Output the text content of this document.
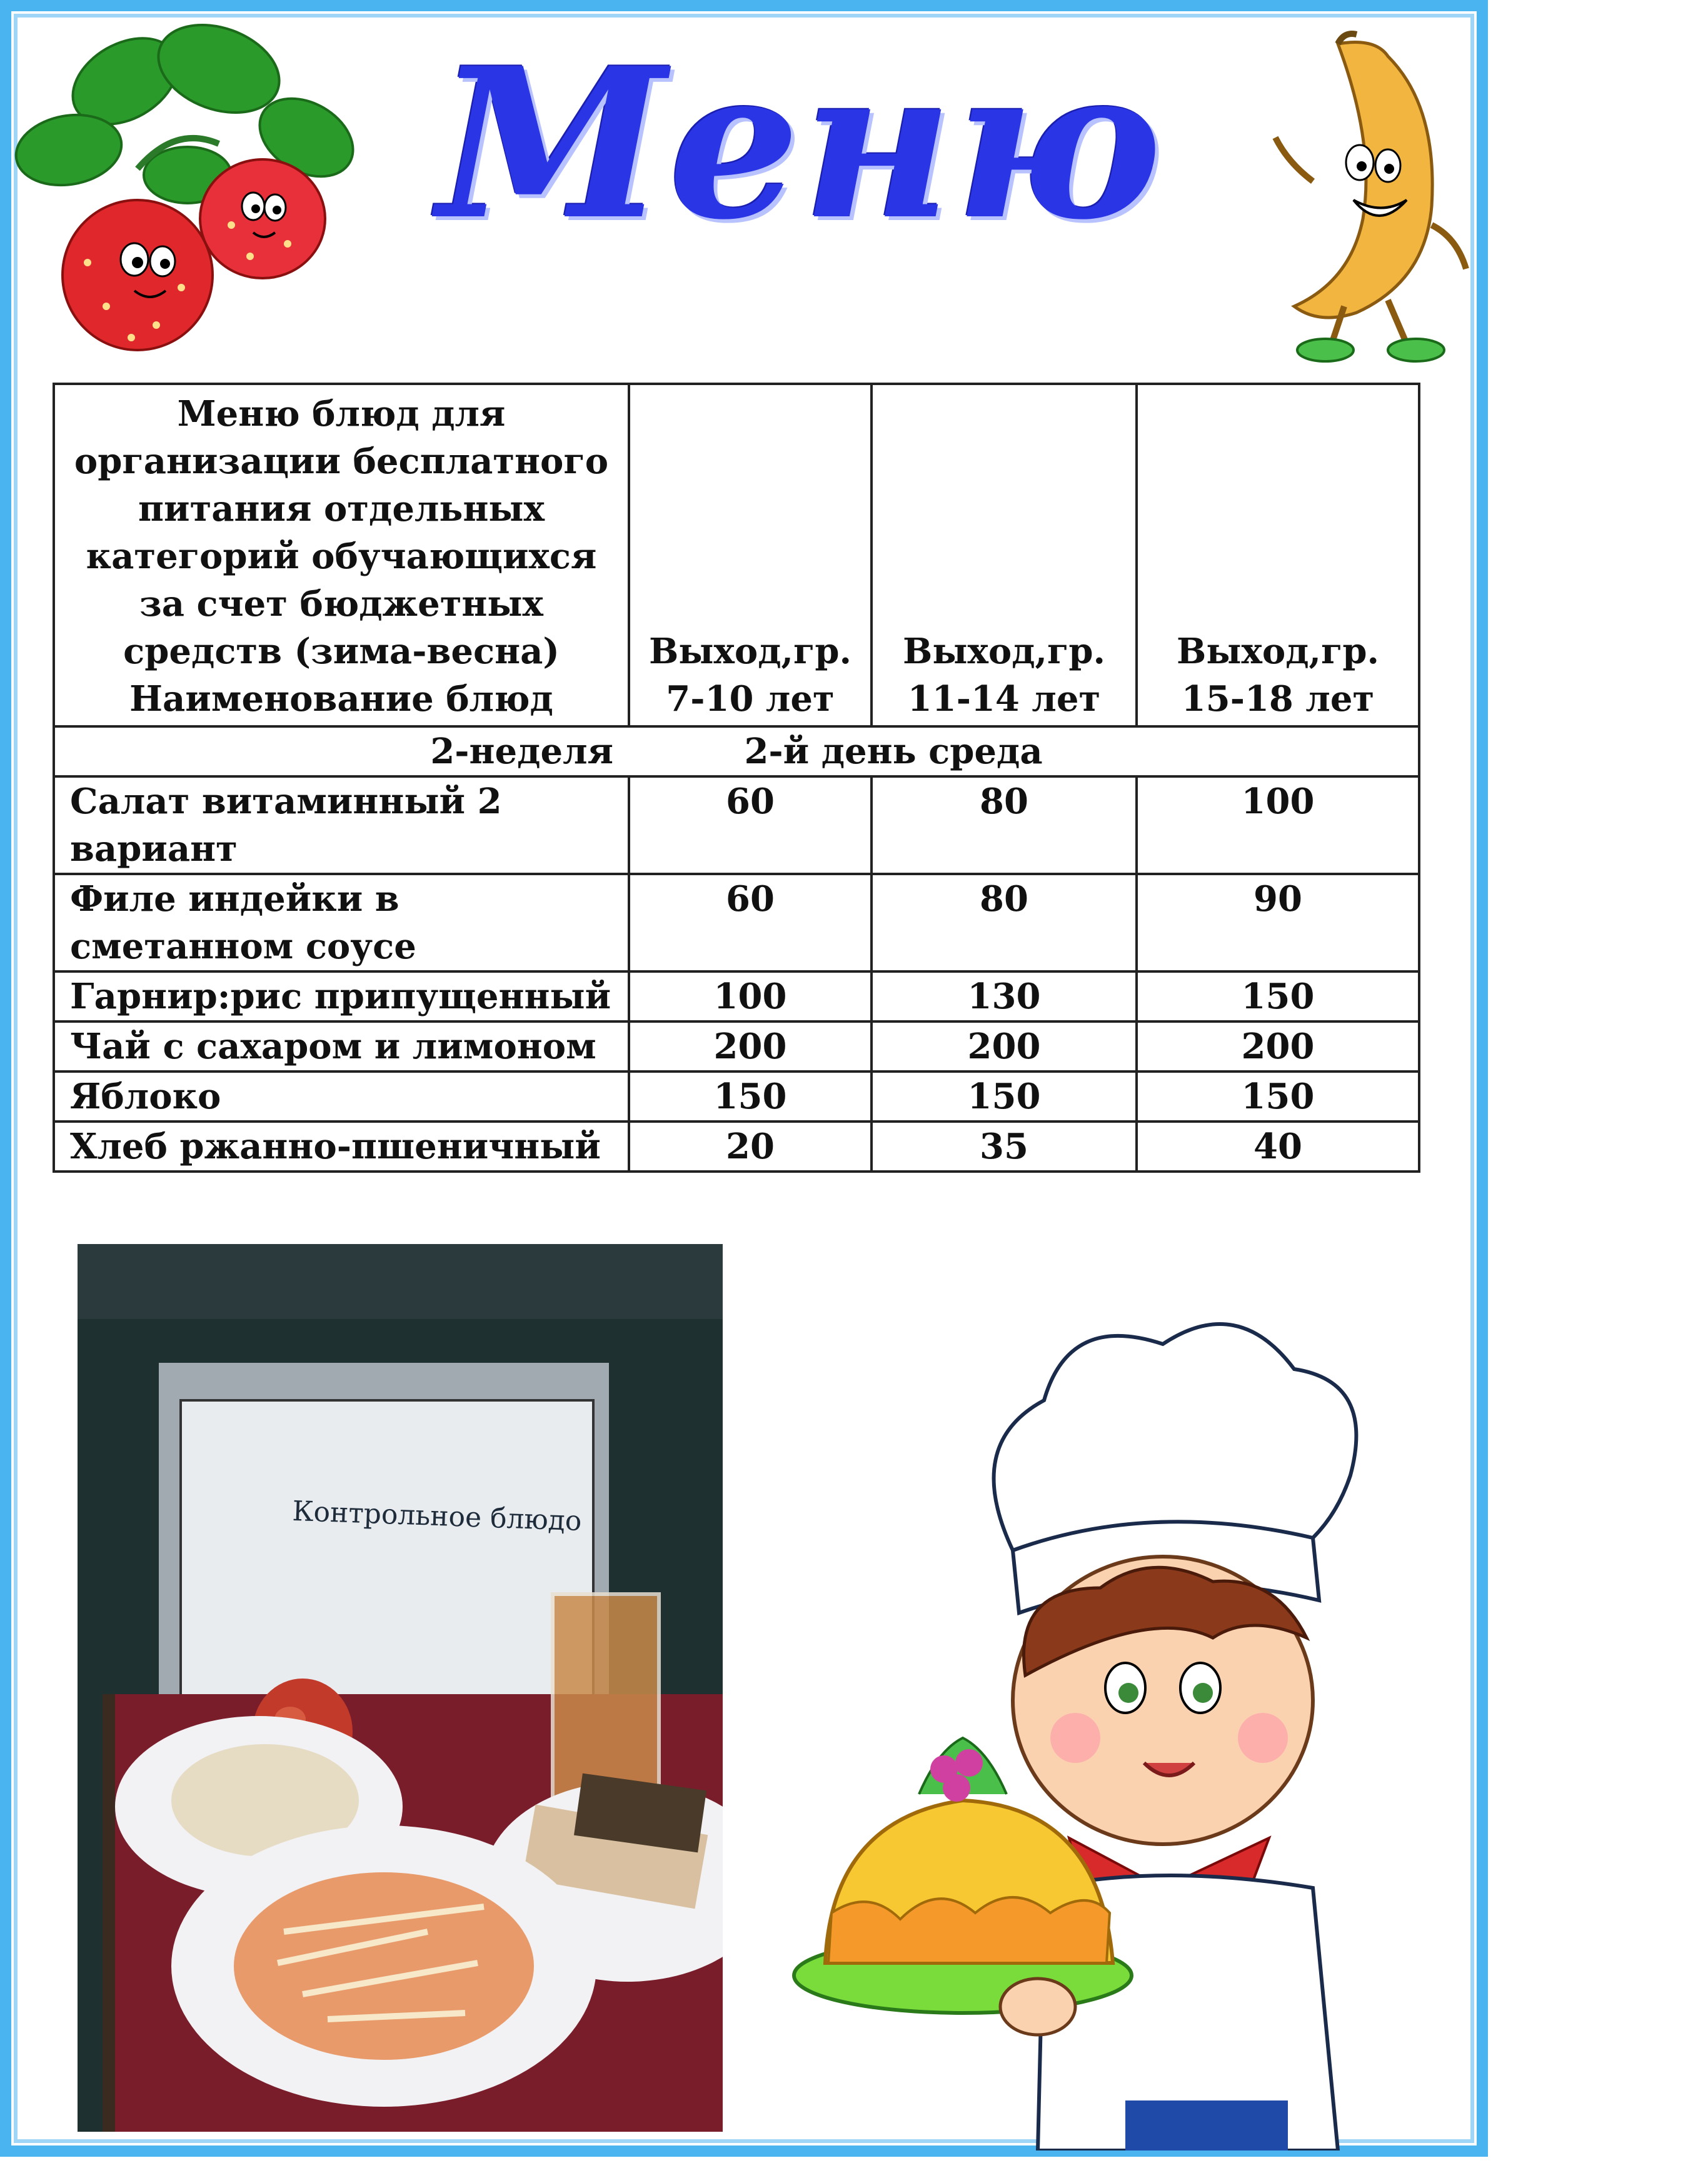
Меню
Меню блюд для организации бесплатного питания отдельных категорий обучающихся за счет бюджетных средств (зима-весна) Наименование блюд	Выход,гр. 7-10 лет	Выход,гр. 11-14 лет	Выход,гр. 15-18 лет
2-неделя 2-й день среда			
Салат витаминный 2 вариант	60	80	100
Филе индейки в сметанном соусе	60	80	90
Гарнир:рис припущенный	100	130	150
Чай с сахаром и лимоном	200	200	200
Яблоко	150	150	150
Хлеб ржанно-пшеничный	20	35	40
Контрольное блюдо
